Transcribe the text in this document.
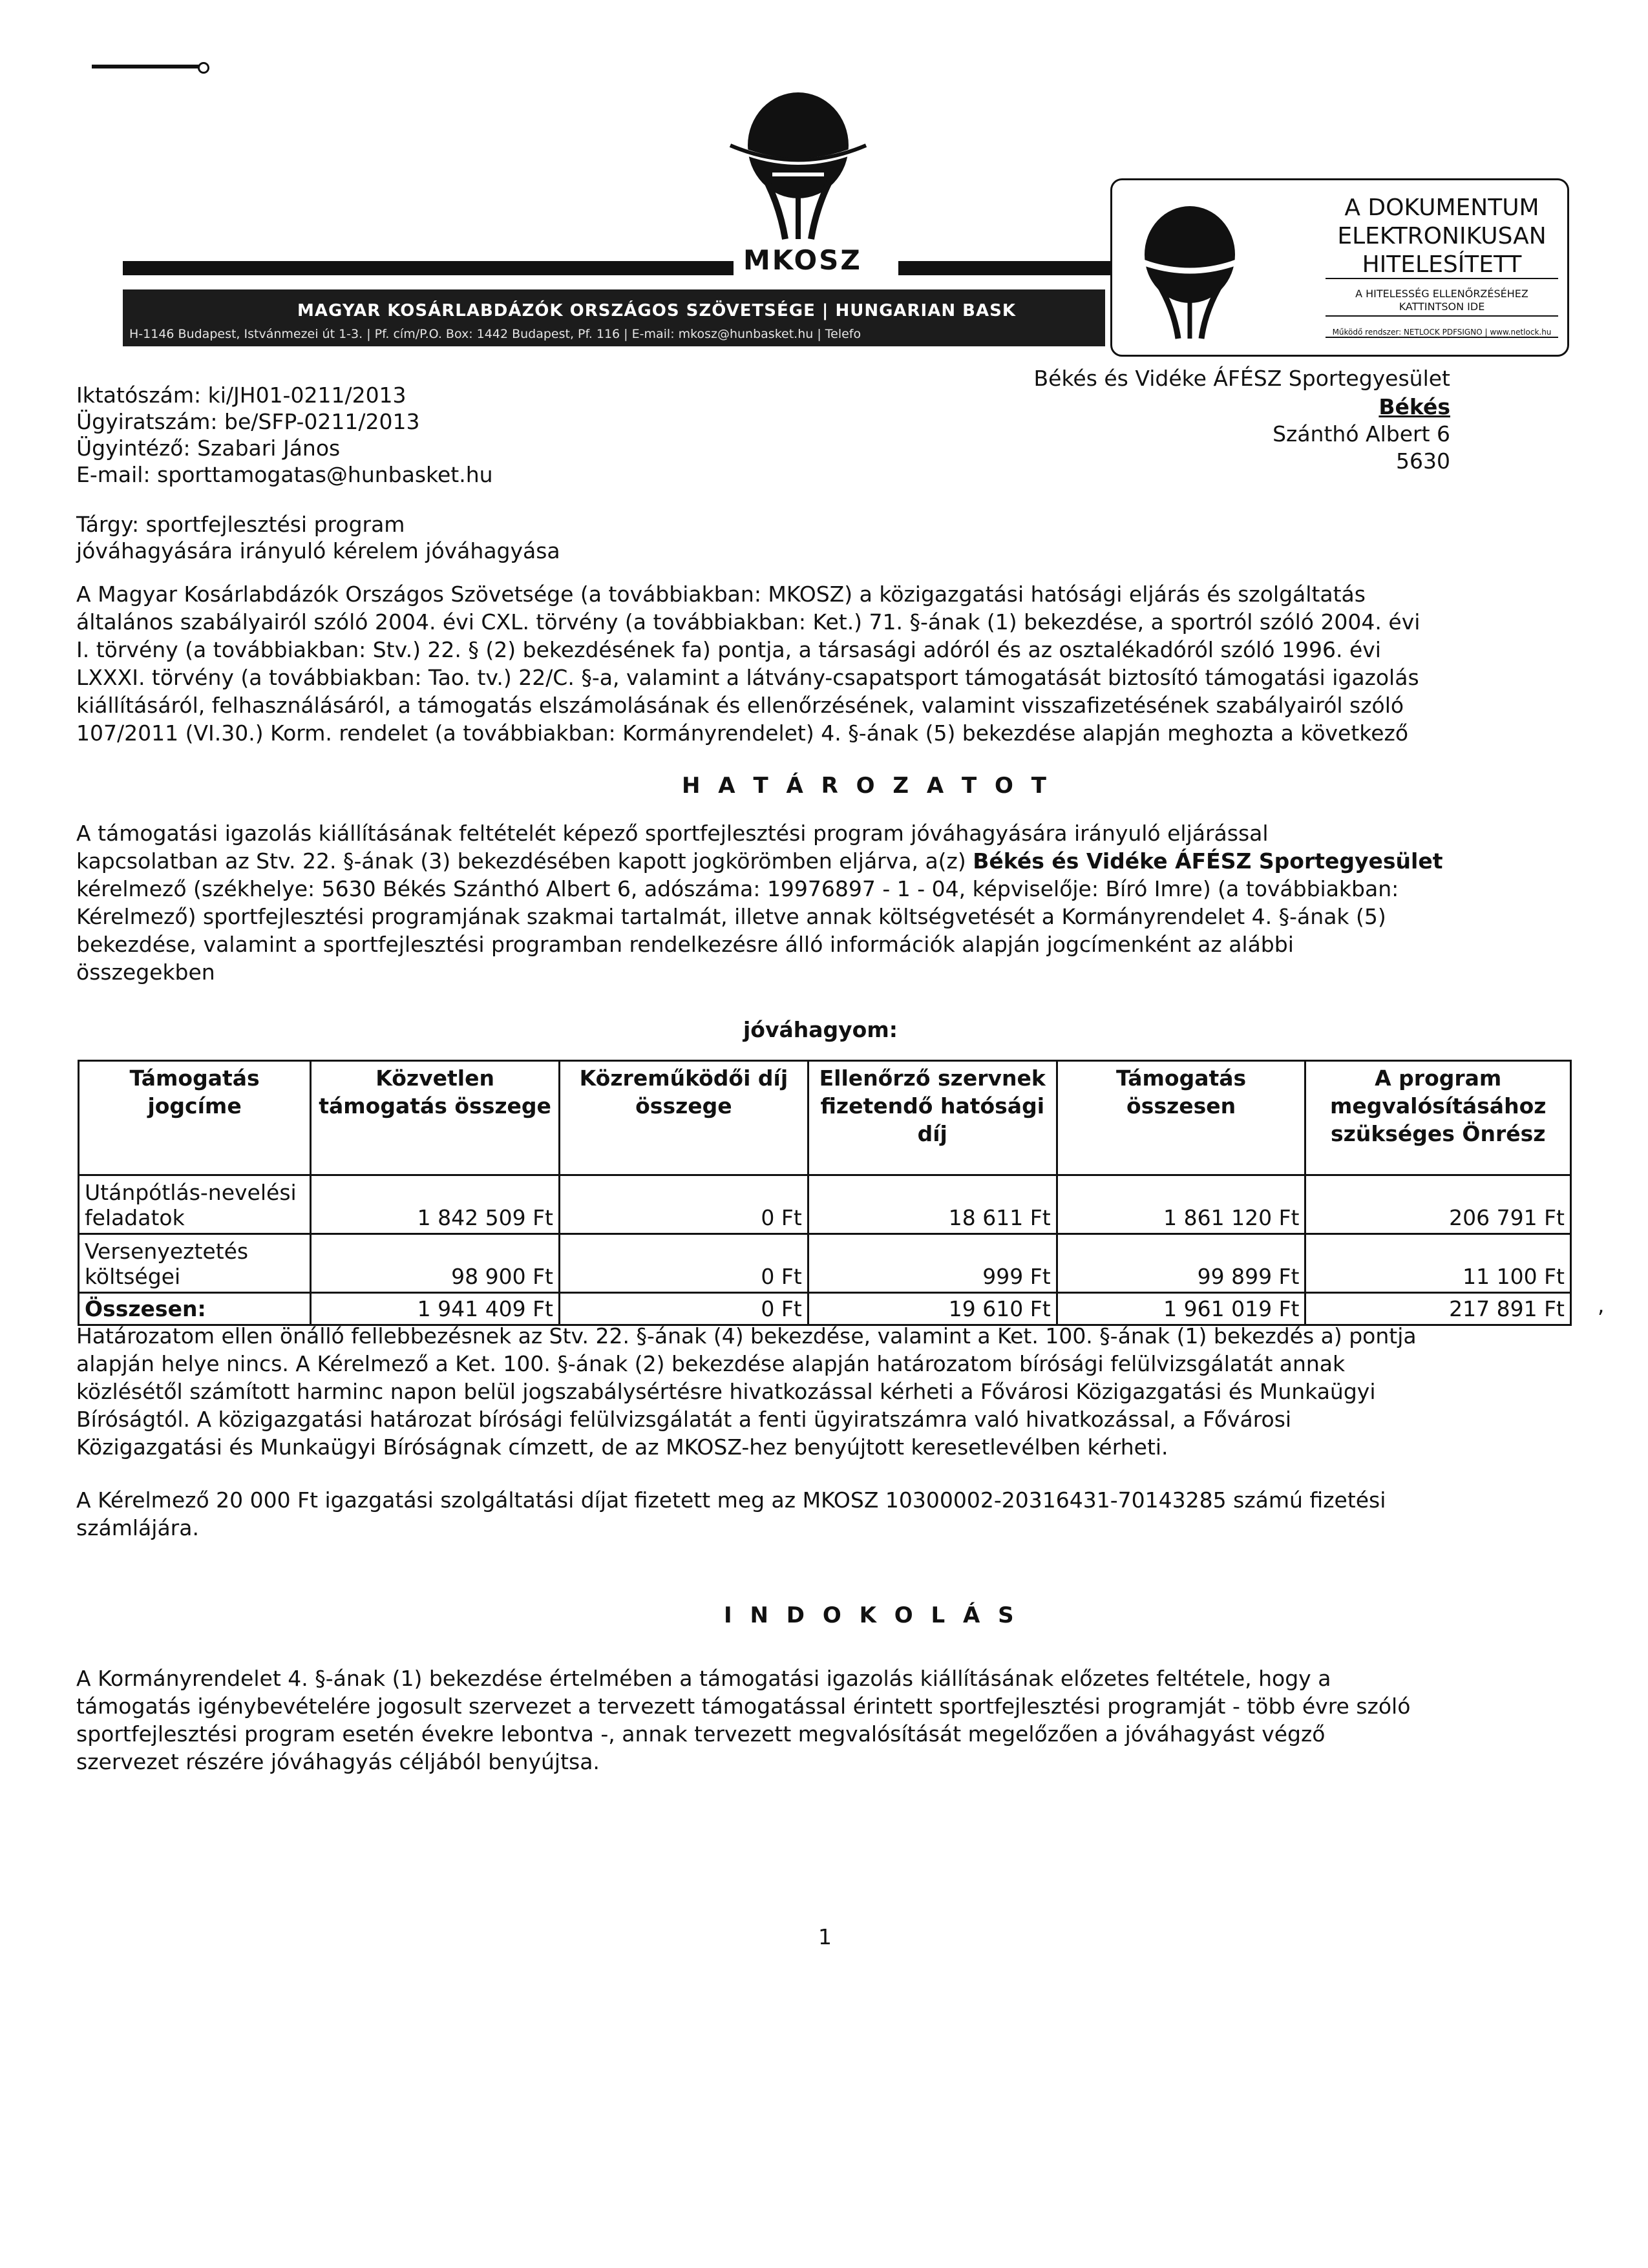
MKOSZ
MAGYAR KOSÁRLABDÁZÓK ORSZÁGOS SZÖVETSÉGE | HUNGARIAN BASK
H-1146 Budapest, Istvánmezei út 1-3. | Pf. cím/P.O. Box: 1442 Budapest, Pf. 116 | E-mail: mkosz@hunbasket.hu | Telefo
A DOKUMENTUM
ELEKTRONIKUSAN
HITELESÍTETT
A HITELESSÉG ELLENŐRZÉSÉHEZ
KATTINTSON IDE
Működő rendszer: NETLOCK PDFSIGNO | www.netlock.hu
Iktatószám: ki/JH01-0211/2013
Ügyiratszám: be/SFP-0211/2013
Ügyintéző: Szabari János
E-mail: sporttamogatas@hunbasket.hu
Békés és Vidéke ÁFÉSZ Sportegyesület
Békés
Szánthó Albert 6
5630
Tárgy: sportfejlesztési program
jóváhagyására irányuló kérelem jóváhagyása
A Magyar Kosárlabdázók Országos Szövetsége (a továbbiakban: MKOSZ) a közigazgatási hatósági eljárás és szolgáltatás
általános szabályairól szóló 2004. évi CXL. törvény (a továbbiakban: Ket.) 71. §-ának (1) bekezdése, a sportról szóló 2004. évi
I. törvény (a továbbiakban: Stv.) 22. § (2) bekezdésének fa) pontja, a társasági adóról és az osztalékadóról szóló 1996. évi
LXXXI. törvény (a továbbiakban: Tao. tv.) 22/C. §-a, valamint a látvány-csapatsport támogatását biztosító támogatási igazolás
kiállításáról, felhasználásáról, a támogatás elszámolásának és ellenőrzésének, valamint visszafizetésének szabályairól szóló
107/2011 (VI.30.) Korm. rendelet (a továbbiakban: Kormányrendelet) 4. §-ának (5) bekezdése alapján meghozta a következő
H A T Á R O Z A T O T
A támogatási igazolás kiállításának feltételét képező sportfejlesztési program jóváhagyására irányuló eljárással
kapcsolatban az Stv. 22. §-ának (3) bekezdésében kapott jogkörömben eljárva, a(z) Békés és Vidéke ÁFÉSZ Sportegyesület
kérelmező (székhelye: 5630 Békés Szánthó Albert 6, adószáma: 19976897 - 1 - 04, képviselője: Bíró Imre) (a továbbiakban:
Kérelmező) sportfejlesztési programjának szakmai tartalmát, illetve annak költségvetését a Kormányrendelet 4. §-ának (5)
bekezdése, valamint a sportfejlesztési programban rendelkezésre álló információk alapján jogcímenként az alábbi
összegekben
jóváhagyom:
Támogatás jogcíme	Közvetlen támogatás összege	Közreműködői díj összege	Ellenőrző szervnek fizetendő hatósági díj	Támogatás összesen	A program megvalósításához szükséges Önrész
Utánpótlás-nevelési feladatok	1 842 509 Ft	0 Ft	18 611 Ft	1 861 120 Ft	206 791 Ft
Versenyeztetés költségei	98 900 Ft	0 Ft	999 Ft	99 899 Ft	11 100 Ft
Összesen:	1 941 409 Ft	0 Ft	19 610 Ft	1 961 019 Ft	217 891 Ft ,
Határozatom ellen önálló fellebbezésnek az Stv. 22. §-ának (4) bekezdése, valamint a Ket. 100. §-ának (1) bekezdés a) pontja
alapján helye nincs. A Kérelmező a Ket. 100. §-ának (2) bekezdése alapján határozatom bírósági felülvizsgálatát annak
közlésétől számított harminc napon belül jogszabálysértésre hivatkozással kérheti a Fővárosi Közigazgatási és Munkaügyi
Bíróságtól. A közigazgatási határozat bírósági felülvizsgálatát a fenti ügyiratszámra való hivatkozással, a Fővárosi
Közigazgatási és Munkaügyi Bíróságnak címzett, de az MKOSZ-hez benyújtott keresetlevélben kérheti.
A Kérelmező 20 000 Ft igazgatási szolgáltatási díjat fizetett meg az MKOSZ 10300002-20316431-70143285 számú fizetési
számlájára.
I N D O K O L Á S
A Kormányrendelet 4. §-ának (1) bekezdése értelmében a támogatási igazolás kiállításának előzetes feltétele, hogy a
támogatás igénybevételére jogosult szervezet a tervezett támogatással érintett sportfejlesztési programját - több évre szóló
sportfejlesztési program esetén évekre lebontva -, annak tervezett megvalósítását megelőzően a jóváhagyást végző
szervezet részére jóváhagyás céljából benyújtsa.
1
